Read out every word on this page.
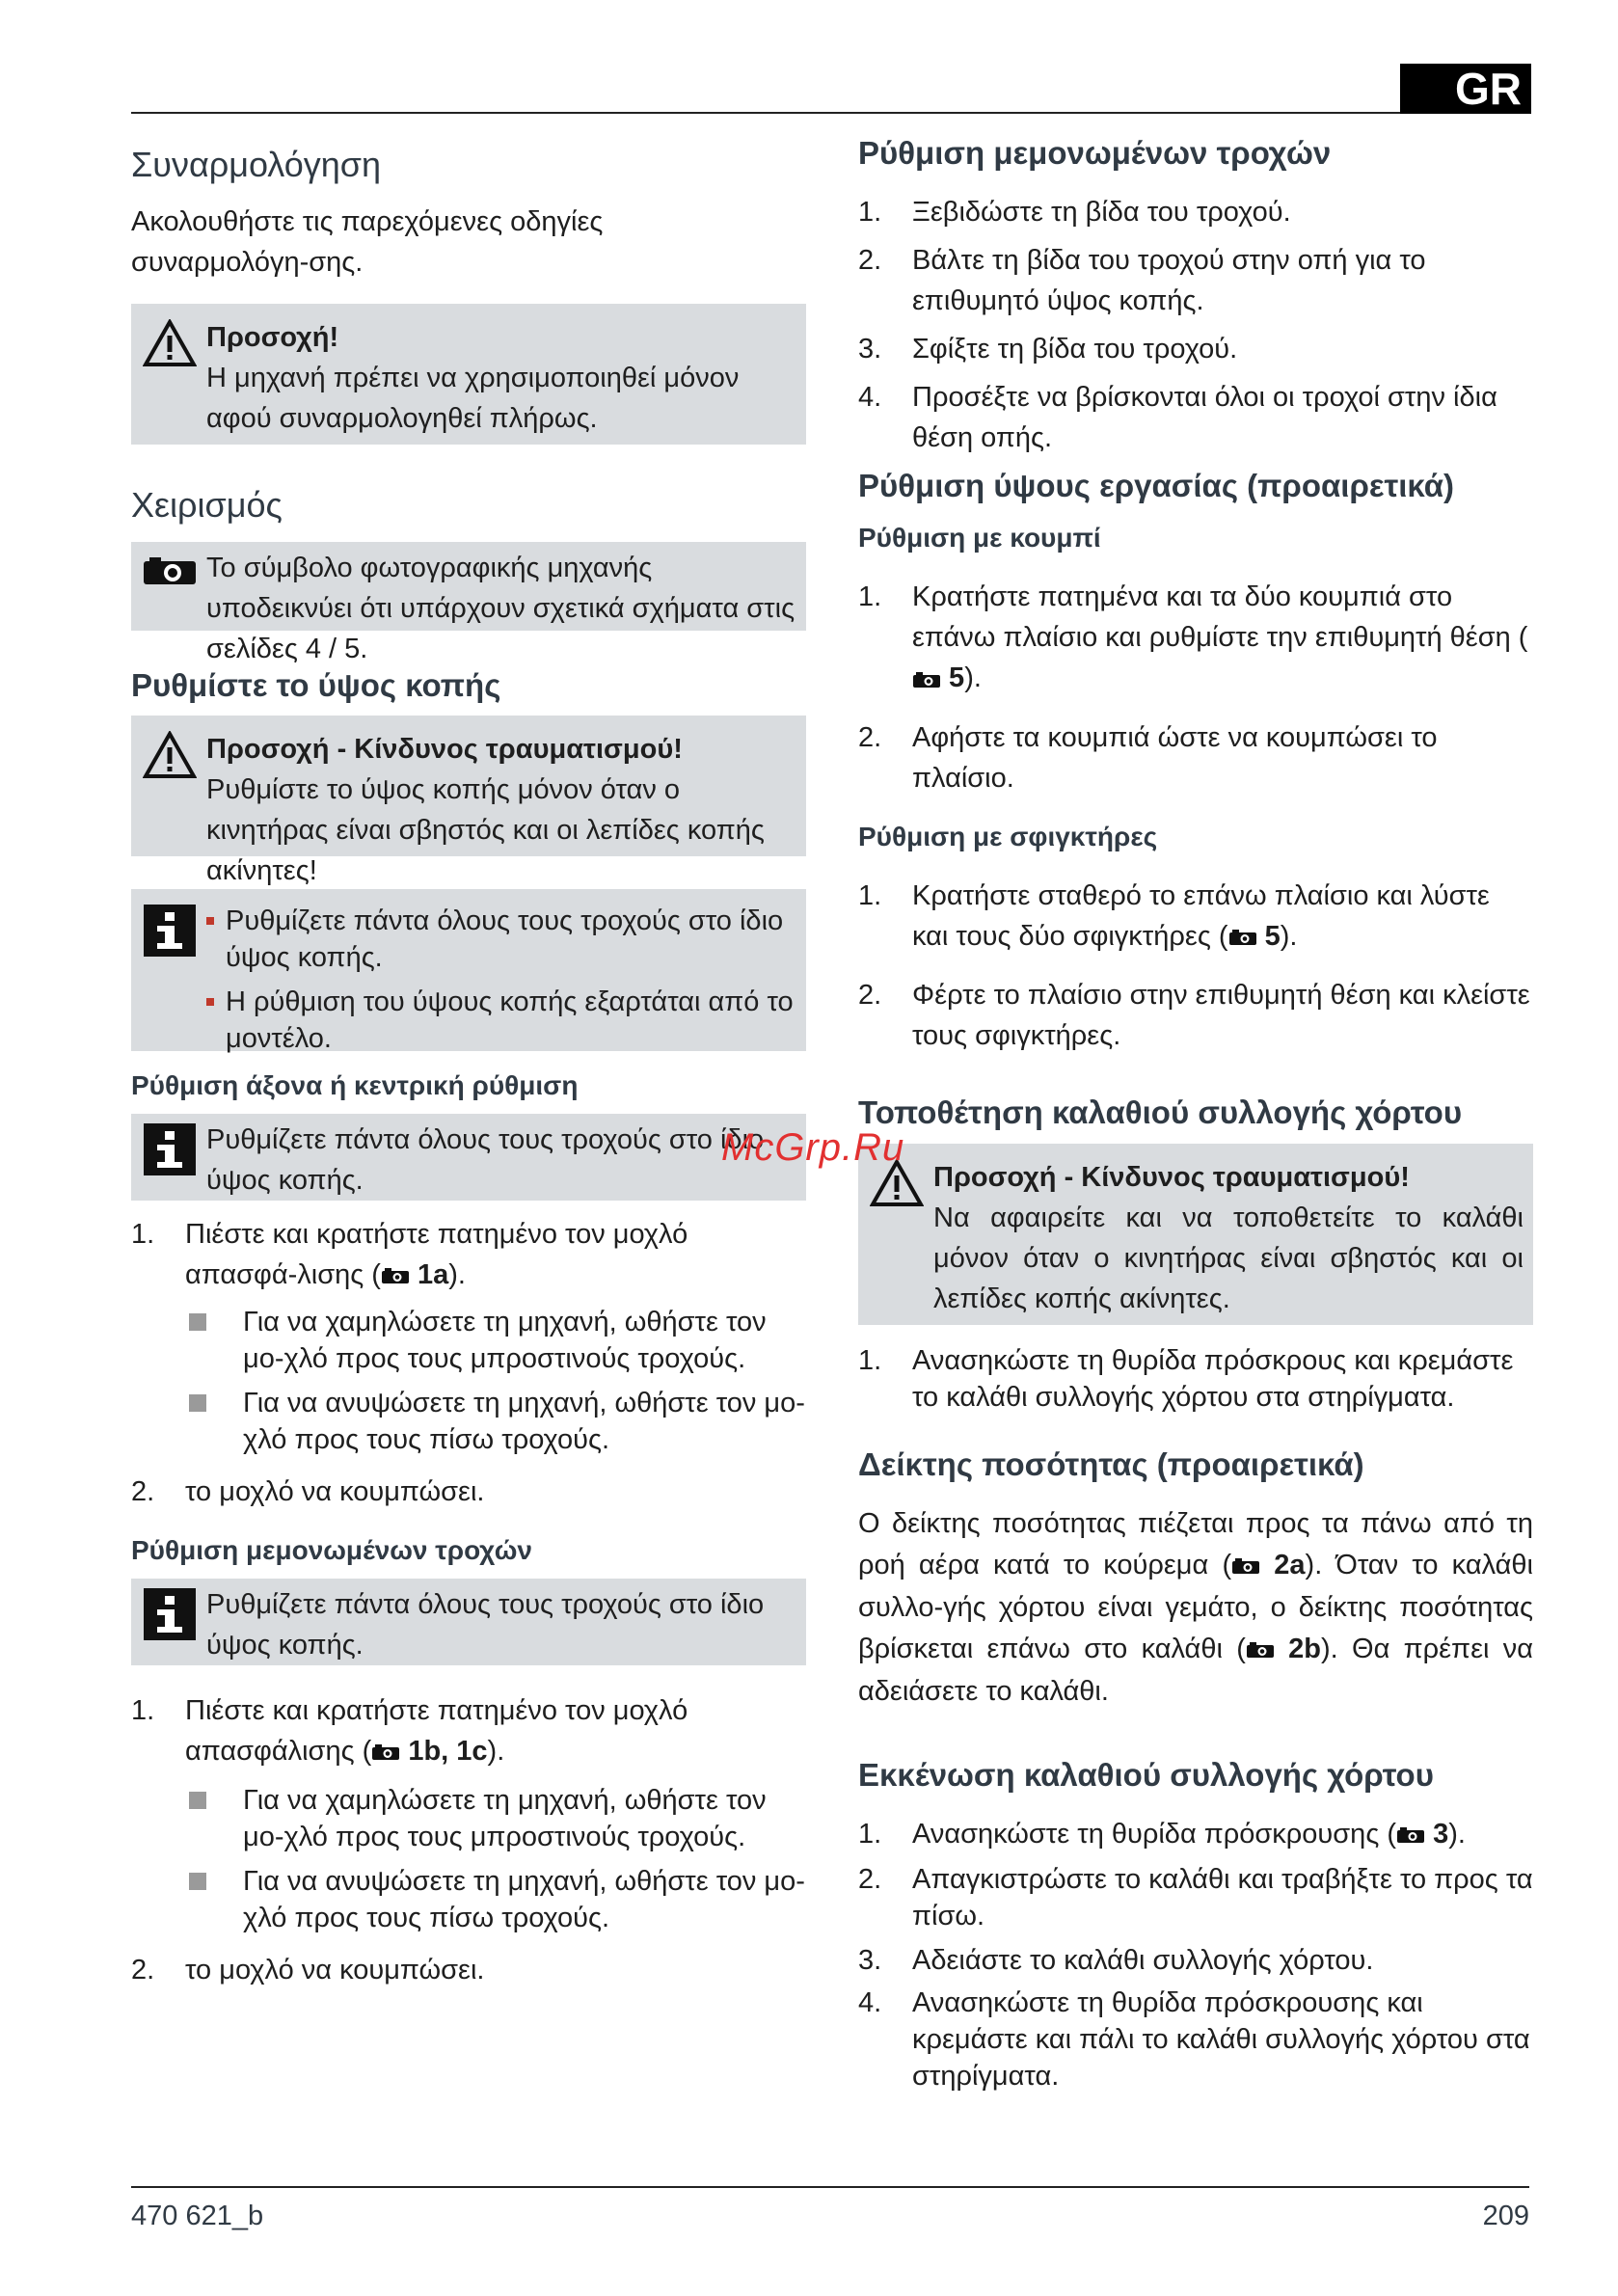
GR
Συναρμολόγηση

Ακολουθήστε τις παρεχόμενες οδηγίες συναρμολόγη-σης.

Προσοχή!
Η μηχανή πρέπει να χρησιμοποιηθεί μόνον αφού συναρμολογηθεί πλήρως.
Χειρισμός
Το σύμβολο φωτογραφικής μηχανής υποδεικνύει ότι υπάρχουν σχετικά σχήματα στις σελίδες 4 / 5.
Ρυθμίστε το ύψος κοπής
Προσοχή - Κίνδυνος τραυματισμού!
Ρυθμίστε το ύψος κοπής μόνον όταν ο κινητήρας είναι σβηστός και οι λεπίδες κοπής ακίνητες!
Ρυθμίζετε πάντα όλους τους τροχούς στο ίδιο ύψος κοπής.
Η ρύθμιση του ύψους κοπής εξαρτάται από το μοντέλο.
Ρύθμιση άξονα ή κεντρική ρύθμιση
Ρυθμίζετε πάντα όλους τους τροχούς στο ίδιο ύψος κοπής.
1.	Πιέστε και κρατήστε πατημένο τον μοχλό απασφά-λισης ( 1a).
Για να χαμηλώσετε τη μηχανή, ωθήστε τον μο-χλό προς τους μπροστινούς τροχούς.
Για να ανυψώσετε τη μηχανή, ωθήστε τον μο-χλό προς τους πίσω τροχούς.
2.	το μοχλό να κουμπώσει.
Ρύθμιση μεμονωμένων τροχών
Ρυθμίζετε πάντα όλους τους τροχούς στο ίδιο ύψος κοπής.
1.	Πιέστε και κρατήστε πατημένο τον μοχλό απασφάλισης ( 1b, 1c).
Για να χαμηλώσετε τη μηχανή, ωθήστε τον μο-χλό προς τους μπροστινούς τροχούς.
Για να ανυψώσετε τη μηχανή, ωθήστε τον μο-χλό προς τους πίσω τροχούς.
2.	το μοχλό να κουμπώσει.
Ρύθμιση μεμονωμένων τροχών
1.	Ξεβιδώστε τη βίδα του τροχού.
2.	Βάλτε τη βίδα του τροχού στην οπή για το επιθυμητό ύψος κοπής.
3.	Σφίξτε τη βίδα του τροχού.
4.	Προσέξτε να βρίσκονται όλοι οι τροχοί στην ίδια θέση οπής.
Ρύθμιση ύψους εργασίας (προαιρετικά)
Ρύθμιση με κουμπί
1.	Κρατήστε πατημένα και τα δύο κουμπιά στο επάνω πλαίσιο και ρυθμίστε την επιθυμητή θέση ( 5).
2.	Αφήστε τα κουμπιά ώστε να κουμπώσει το πλαίσιο.
Ρύθμιση με σφιγκτήρες
1.	Κρατήστε σταθερό το επάνω πλαίσιο και λύστε και τους δύο σφιγκτήρες ( 5).
2.	Φέρτε το πλαίσιο στην επιθυμητή θέση και κλείστε τους σφιγκτήρες.
Τοποθέτηση καλαθιού συλλογής χόρτου
Προσοχή - Κίνδυνος τραυματισμού!
Να αφαιρείτε και να τοποθετείτε το καλάθι μόνον όταν ο κινητήρας είναι σβηστός και οι λεπίδες κοπής ακίνητες.
1.	Ανασηκώστε τη θυρίδα πρόσκρους και κρεμάστε το καλάθι συλλογής χόρτου στα στηρίγματα.
Δείκτης ποσότητας (προαιρετικά)

Ο δείκτης ποσότητας πιέζεται προς τα πάνω από τη ροή αέρα κατά το κούρεμα ( 2a). Όταν το καλάθι συλλο-γής χόρτου είναι γεμάτο, ο δείκτης ποσότητας βρίσκεται επάνω στο καλάθι ( 2b). Θα πρέπει να αδειάσετε το καλάθι.

Εκκένωση καλαθιού συλλογής χόρτου
1.	Ανασηκώστε τη θυρίδα πρόσκρουσης ( 3).
2.	Απαγκιστρώστε το καλάθι και τραβήξτε το προς τα πίσω.
3.	Αδειάστε το καλάθι συλλογής χόρτου.
4.	Ανασηκώστε τη θυρίδα πρόσκρουσης και κρεμάστε και πάλι το καλάθι συλλογής χόρτου στα στηρίγματα.
McGrp.Ru
470 621_b	209
